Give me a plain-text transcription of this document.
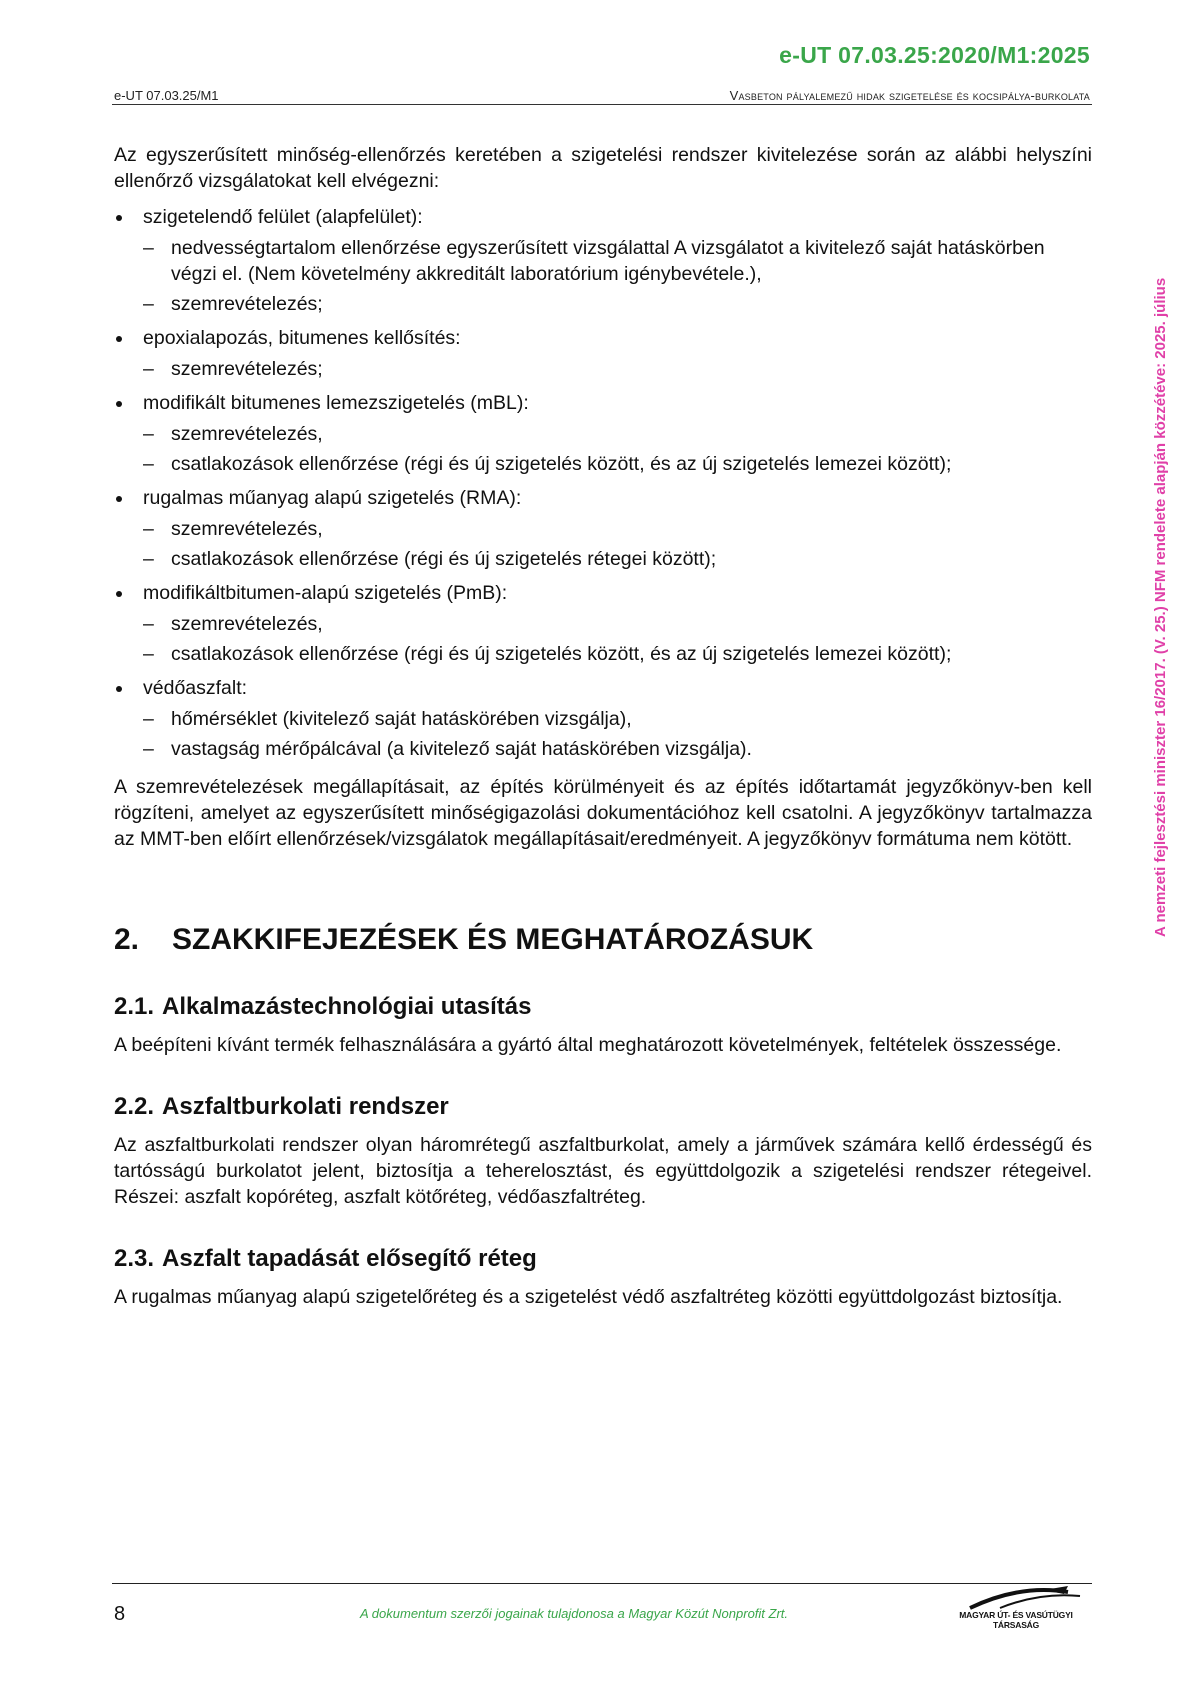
e-UT 07.03.25:2020/M1:2025
e-UT 07.03.25/M1	Vasbeton pályalemezű hidak szigetelése és kocsipálya-burkolata
A nemzeti fejlesztési miniszter 16/2017. (V. 25.) NFM rendelete alapján közzétéve: 2025. július

Az egyszerűsített minőség-ellenőrzés keretében a szigetelési rendszer kivitelezése során az alábbi helyszíni ellenőrző vizsgálatokat kell elvégezni:

szigetelendő felület (alapfelület):
– nedvességtartalom ellenőrzése egyszerűsített vizsgálattal A vizsgálatot a kivitelező saját hatáskörben végzi el. (Nem követelmény akkreditált laboratórium igénybevétele.),
– szemrevételezés;
epoxialapozás, bitumenes kellősítés:
– szemrevételezés;
modifikált bitumenes lemezszigetelés (mBL):
– szemrevételezés,
– csatlakozások ellenőrzése (régi és új szigetelés között, és az új szigetelés lemezei között);
rugalmas műanyag alapú szigetelés (RMA):
– szemrevételezés,
– csatlakozások ellenőrzése (régi és új szigetelés rétegei között);
modifikáltbitumen-alapú szigetelés (PmB):
– szemrevételezés,
– csatlakozások ellenőrzése (régi és új szigetelés között, és az új szigetelés lemezei között);
védőaszfalt:
– hőmérséklet (kivitelező saját hatáskörében vizsgálja),
– vastagság mérőpálcával (a kivitelező saját hatáskörében vizsgálja).

A szemrevételezések megállapításait, az építés körülményeit és az építés időtartamát jegyzőkönyv-ben kell rögzíteni, amelyet az egyszerűsített minőségigazolási dokumentációhoz kell csatolni. A jegyzőkönyv tartalmazza az MMT-ben előírt ellenőrzések/vizsgálatok megállapításait/eredményeit. A jegyzőkönyv formátuma nem kötött.

2. SZAKKIFEJEZÉSEK ÉS MEGHATÁROZÁSUK
2.1. Alkalmazástechnológiai utasítás

A beépíteni kívánt termék felhasználására a gyártó által meghatározott követelmények, feltételek összessége.

2.2. Aszfaltburkolati rendszer

Az aszfaltburkolati rendszer olyan háromrétegű aszfaltburkolat, amely a járművek számára kellő érdességű és tartósságú burkolatot jelent, biztosítja a teherelosztást, és együttdolgozik a szigetelési rendszer rétegeivel. Részei: aszfalt kopóréteg, aszfalt kötőréteg, védőaszfaltréteg.

2.3. Aszfalt tapadását elősegítő réteg

A rugalmas műanyag alapú szigetelőréteg és a szigetelést védő aszfaltréteg közötti együttdolgozást biztosítja.

8	A dokumentum szerzői jogainak tulajdonosa a Magyar Közút Nonprofit Zrt.	MAGYAR ÚT- ÉS VASÚTÜGYI TÁRSASÁG
